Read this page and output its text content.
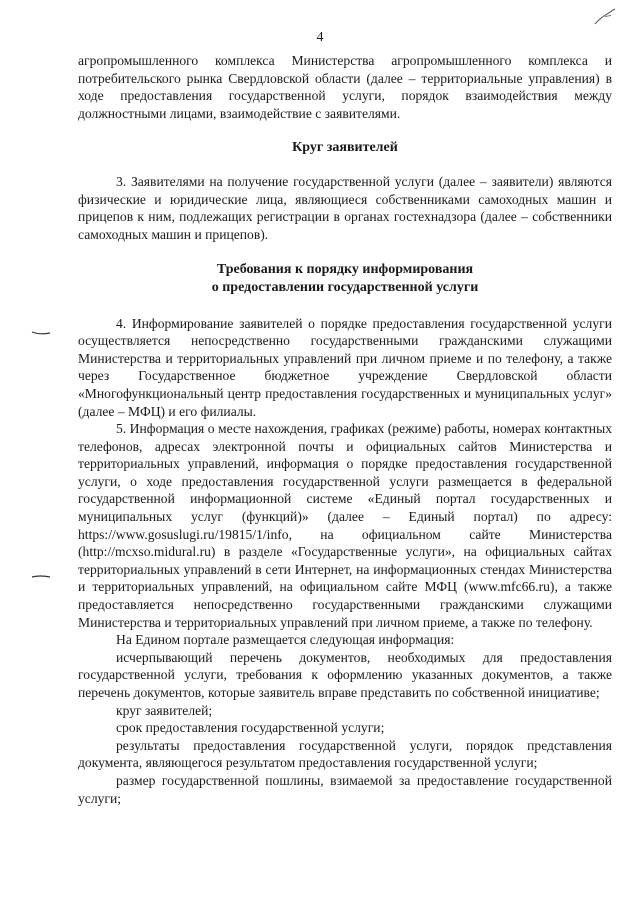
4

агропромышленного комплекса Министерства агропромышленного комплекса и потребительского рынка Свердловской области (далее – территориальные управления) в ходе предоставления государственной услуги, порядок взаимодействия между должностными лицами, взаимодействие с заявителями.

Круг заявителей

3. Заявителями на получение государственной услуги (далее – заявители) являются физические и юридические лица, являющиеся собственниками самоходных машин и прицепов к ним, подлежащих регистрации в органах гостехнадзора (далее – собственники самоходных машин и прицепов).

Требования к порядку информирования
о предоставлении государственной услуги

4. Информирование заявителей о порядке предоставления государственной услуги осуществляется непосредственно государственными гражданскими служащими Министерства и территориальных управлений при личном приеме и по телефону, а также через Государственное бюджетное учреждение Свердловской области «Многофункциональный центр предоставления государственных и муниципальных услуг» (далее – МФЦ) и его филиалы.

5. Информация о месте нахождения, графиках (режиме) работы, номерах контактных телефонов, адресах электронной почты и официальных сайтов Министерства и территориальных управлений, информация о порядке предоставления государственной услуги, о ходе предоставления государственной услуги размещается в федеральной государственной информационной системе «Единый портал государственных и муниципальных услуг (функций)» (далее – Единый портал) по адресу: https://www.gosuslugi.ru/19815/1/info, на официальном сайте Министерства (http://mcxso.midural.ru) в разделе «Государственные услуги», на официальных сайтах территориальных управлений в сети Интернет, на информационных стендах Министерства и территориальных управлений, на официальном сайте МФЦ (www.mfc66.ru), а также предоставляется непосредственно государственными гражданскими служащими Министерства и территориальных управлений при личном приеме, а также по телефону.

На Едином портале размещается следующая информация:

исчерпывающий перечень документов, необходимых для предоставления государственной услуги, требования к оформлению указанных документов, а также перечень документов, которые заявитель вправе представить по собственной инициативе;

круг заявителей;

срок предоставления государственной услуги;

результаты предоставления государственной услуги, порядок представления документа, являющегося результатом предоставления государственной услуги;

размер государственной пошлины, взимаемой за предоставление государственной услуги;
